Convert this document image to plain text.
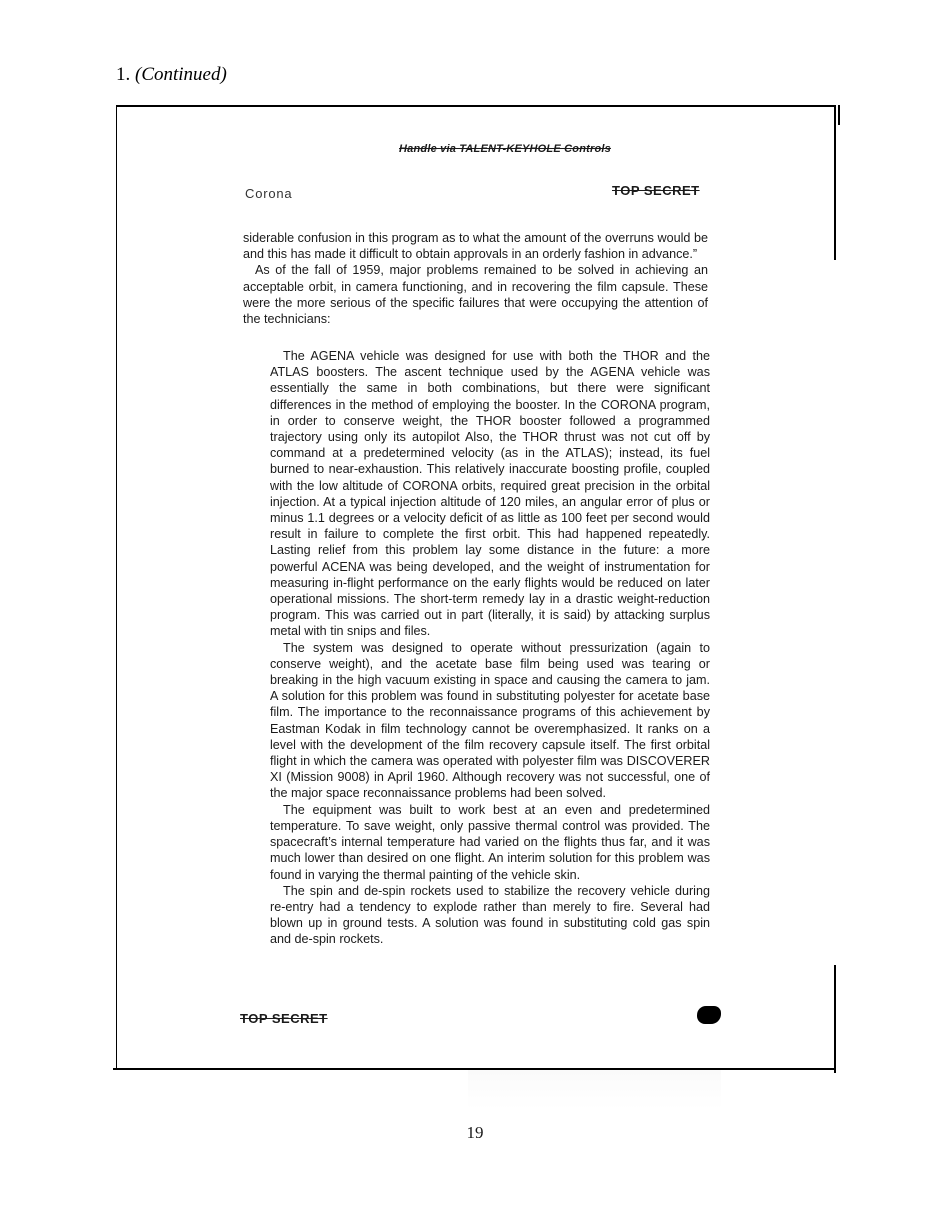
1. (Continued)
Handle via TALENT-KEYHOLE Controls
Corona	TOP SECRET

siderable confusion in this program as to what the amount of the overruns would be and this has made it difficult to obtain approvals in an orderly fashion in advance.”

As of the fall of 1959, major problems remained to be solved in achieving an acceptable orbit, in camera functioning, and in recovering the film capsule. These were the more serious of the specific failures that were occupying the attention of the technicians:

The AGENA vehicle was designed for use with both the THOR and the ATLAS boosters. The ascent technique used by the AGENA vehicle was essentially the same in both combinations, but there were significant differences in the method of employing the booster. In the CORONA program, in order to conserve weight, the THOR booster followed a programmed trajectory using only its autopilot Also, the THOR thrust was not cut off by command at a predetermined velocity (as in the ATLAS); instead, its fuel burned to near-exhaustion. This relatively inaccurate boosting profile, coupled with the low altitude of CORONA orbits, required great precision in the orbital injection. At a typical injection altitude of 120 miles, an angular error of plus or minus 1.1 degrees or a velocity deficit of as little as 100 feet per second would result in failure to complete the first orbit. This had happened repeatedly. Lasting relief from this problem lay some distance in the future: a more powerful ACENA was being developed, and the weight of instrumentation for measuring in-flight performance on the early flights would be reduced on later operational missions. The short-term remedy lay in a drastic weight-reduction program. This was carried out in part (literally, it is said) by attacking surplus metal with tin snips and files.

The system was designed to operate without pressurization (again to conserve weight), and the acetate base film being used was tearing or breaking in the high vacuum existing in space and causing the camera to jam. A solution for this problem was found in substituting polyester for acetate base film. The importance to the reconnaissance programs of this achievement by Eastman Kodak in film technology cannot be overemphasized. It ranks on a level with the development of the film recovery capsule itself. The first orbital flight in which the camera was operated with polyester film was DISCOVERER XI (Mission 9008) in April 1960. Although recovery was not successful, one of the major space reconnaissance problems had been solved.

The equipment was built to work best at an even and predetermined temperature. To save weight, only passive thermal control was provided. The spacecraft’s internal temperature had varied on the flights thus far, and it was much lower than desired on one flight. An interim solution for this problem was found in varying the thermal painting of the vehicle skin.

The spin and de-spin rockets used to stabilize the recovery vehicle during re-entry had a tendency to explode rather than merely to fire. Several had blown up in ground tests. A solution was found in substituting cold gas spin and de-spin rockets.

TOP SECRET
19
